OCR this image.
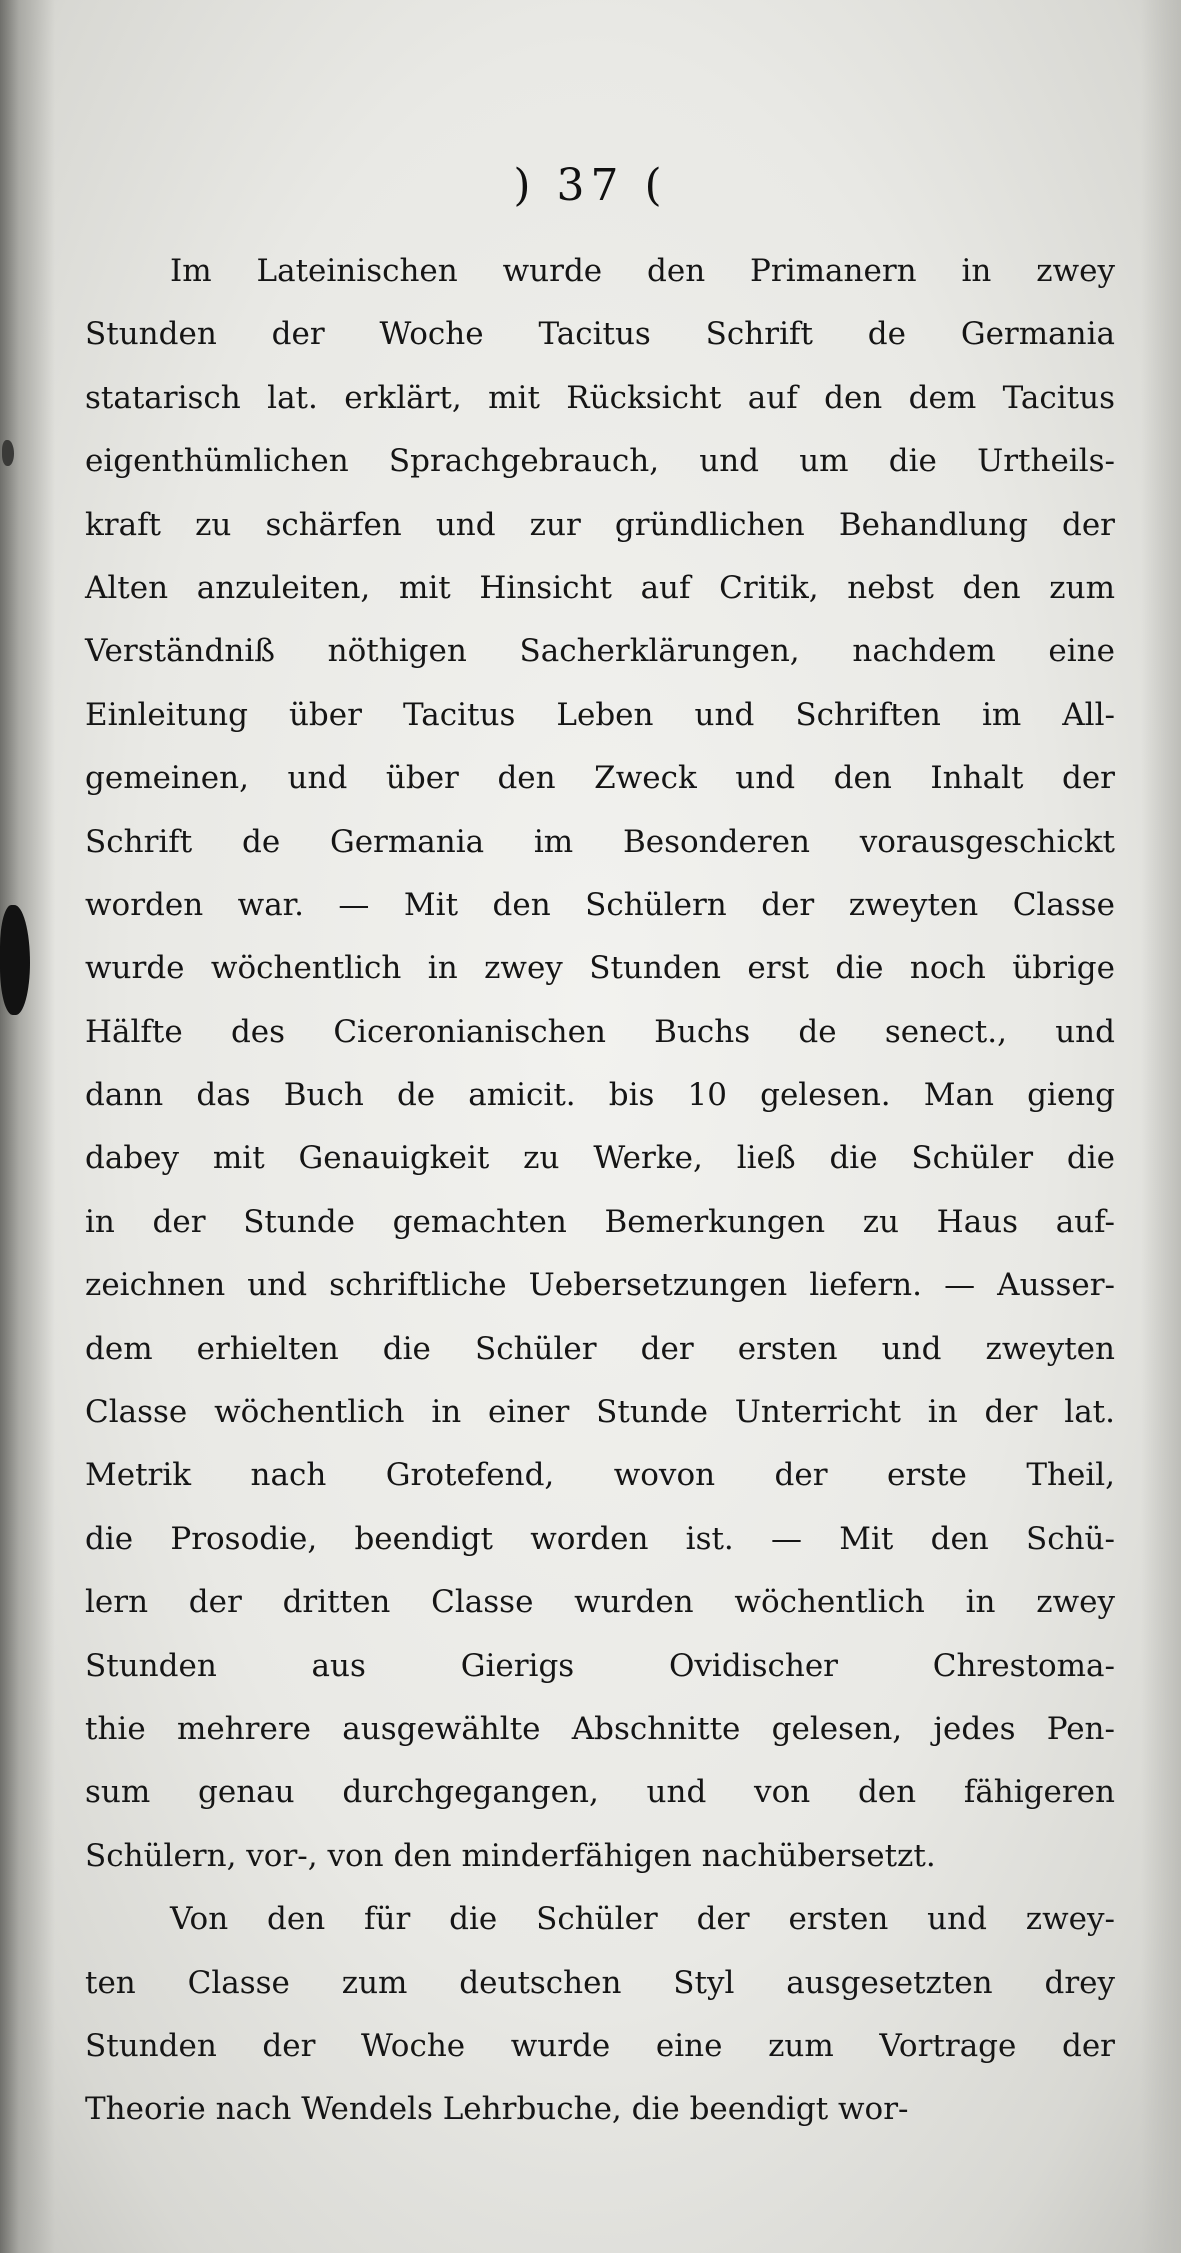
) 37 (
Im Lateinischen wurde den Primanern in zwey
Stunden der Woche Tacitus Schrift de Germania
statarisch lat. erklärt, mit Rücksicht auf den dem Tacitus
eigenthümlichen Sprachgebrauch, und um die Urtheils-
kraft zu schärfen und zur gründlichen Behandlung der
Alten anzuleiten, mit Hinsicht auf Critik, nebst den zum
Verständniß nöthigen Sacherklärungen, nachdem eine
Einleitung über Tacitus Leben und Schriften im All-
gemeinen, und über den Zweck und den Inhalt der
Schrift de Germania im Besonderen vorausgeschickt
worden war. — Mit den Schülern der zweyten Classe
wurde wöchentlich in zwey Stunden erst die noch übrige
Hälfte des Ciceronianischen Buchs de senect., und
dann das Buch de amicit. bis 10 gelesen. Man gieng
dabey mit Genauigkeit zu Werke, ließ die Schüler die
in der Stunde gemachten Bemerkungen zu Haus auf-
zeichnen und schriftliche Uebersetzungen liefern. — Ausser-
dem erhielten die Schüler der ersten und zweyten
Classe wöchentlich in einer Stunde Unterricht in der lat.
Metrik nach Grotefend, wovon der erste Theil,
die Prosodie, beendigt worden ist. — Mit den Schü-
lern der dritten Classe wurden wöchentlich in zwey
Stunden aus Gierigs Ovidischer Chrestoma-
thie mehrere ausgewählte Abschnitte gelesen, jedes Pen-
sum genau durchgegangen, und von den fähigeren
Schülern, vor-, von den minderfähigen nachübersetzt.
Von den für die Schüler der ersten und zwey-
ten Classe zum deutschen Styl ausgesetzten drey
Stunden der Woche wurde eine zum Vortrage der
Theorie nach Wendels Lehrbuche, die beendigt wor-
